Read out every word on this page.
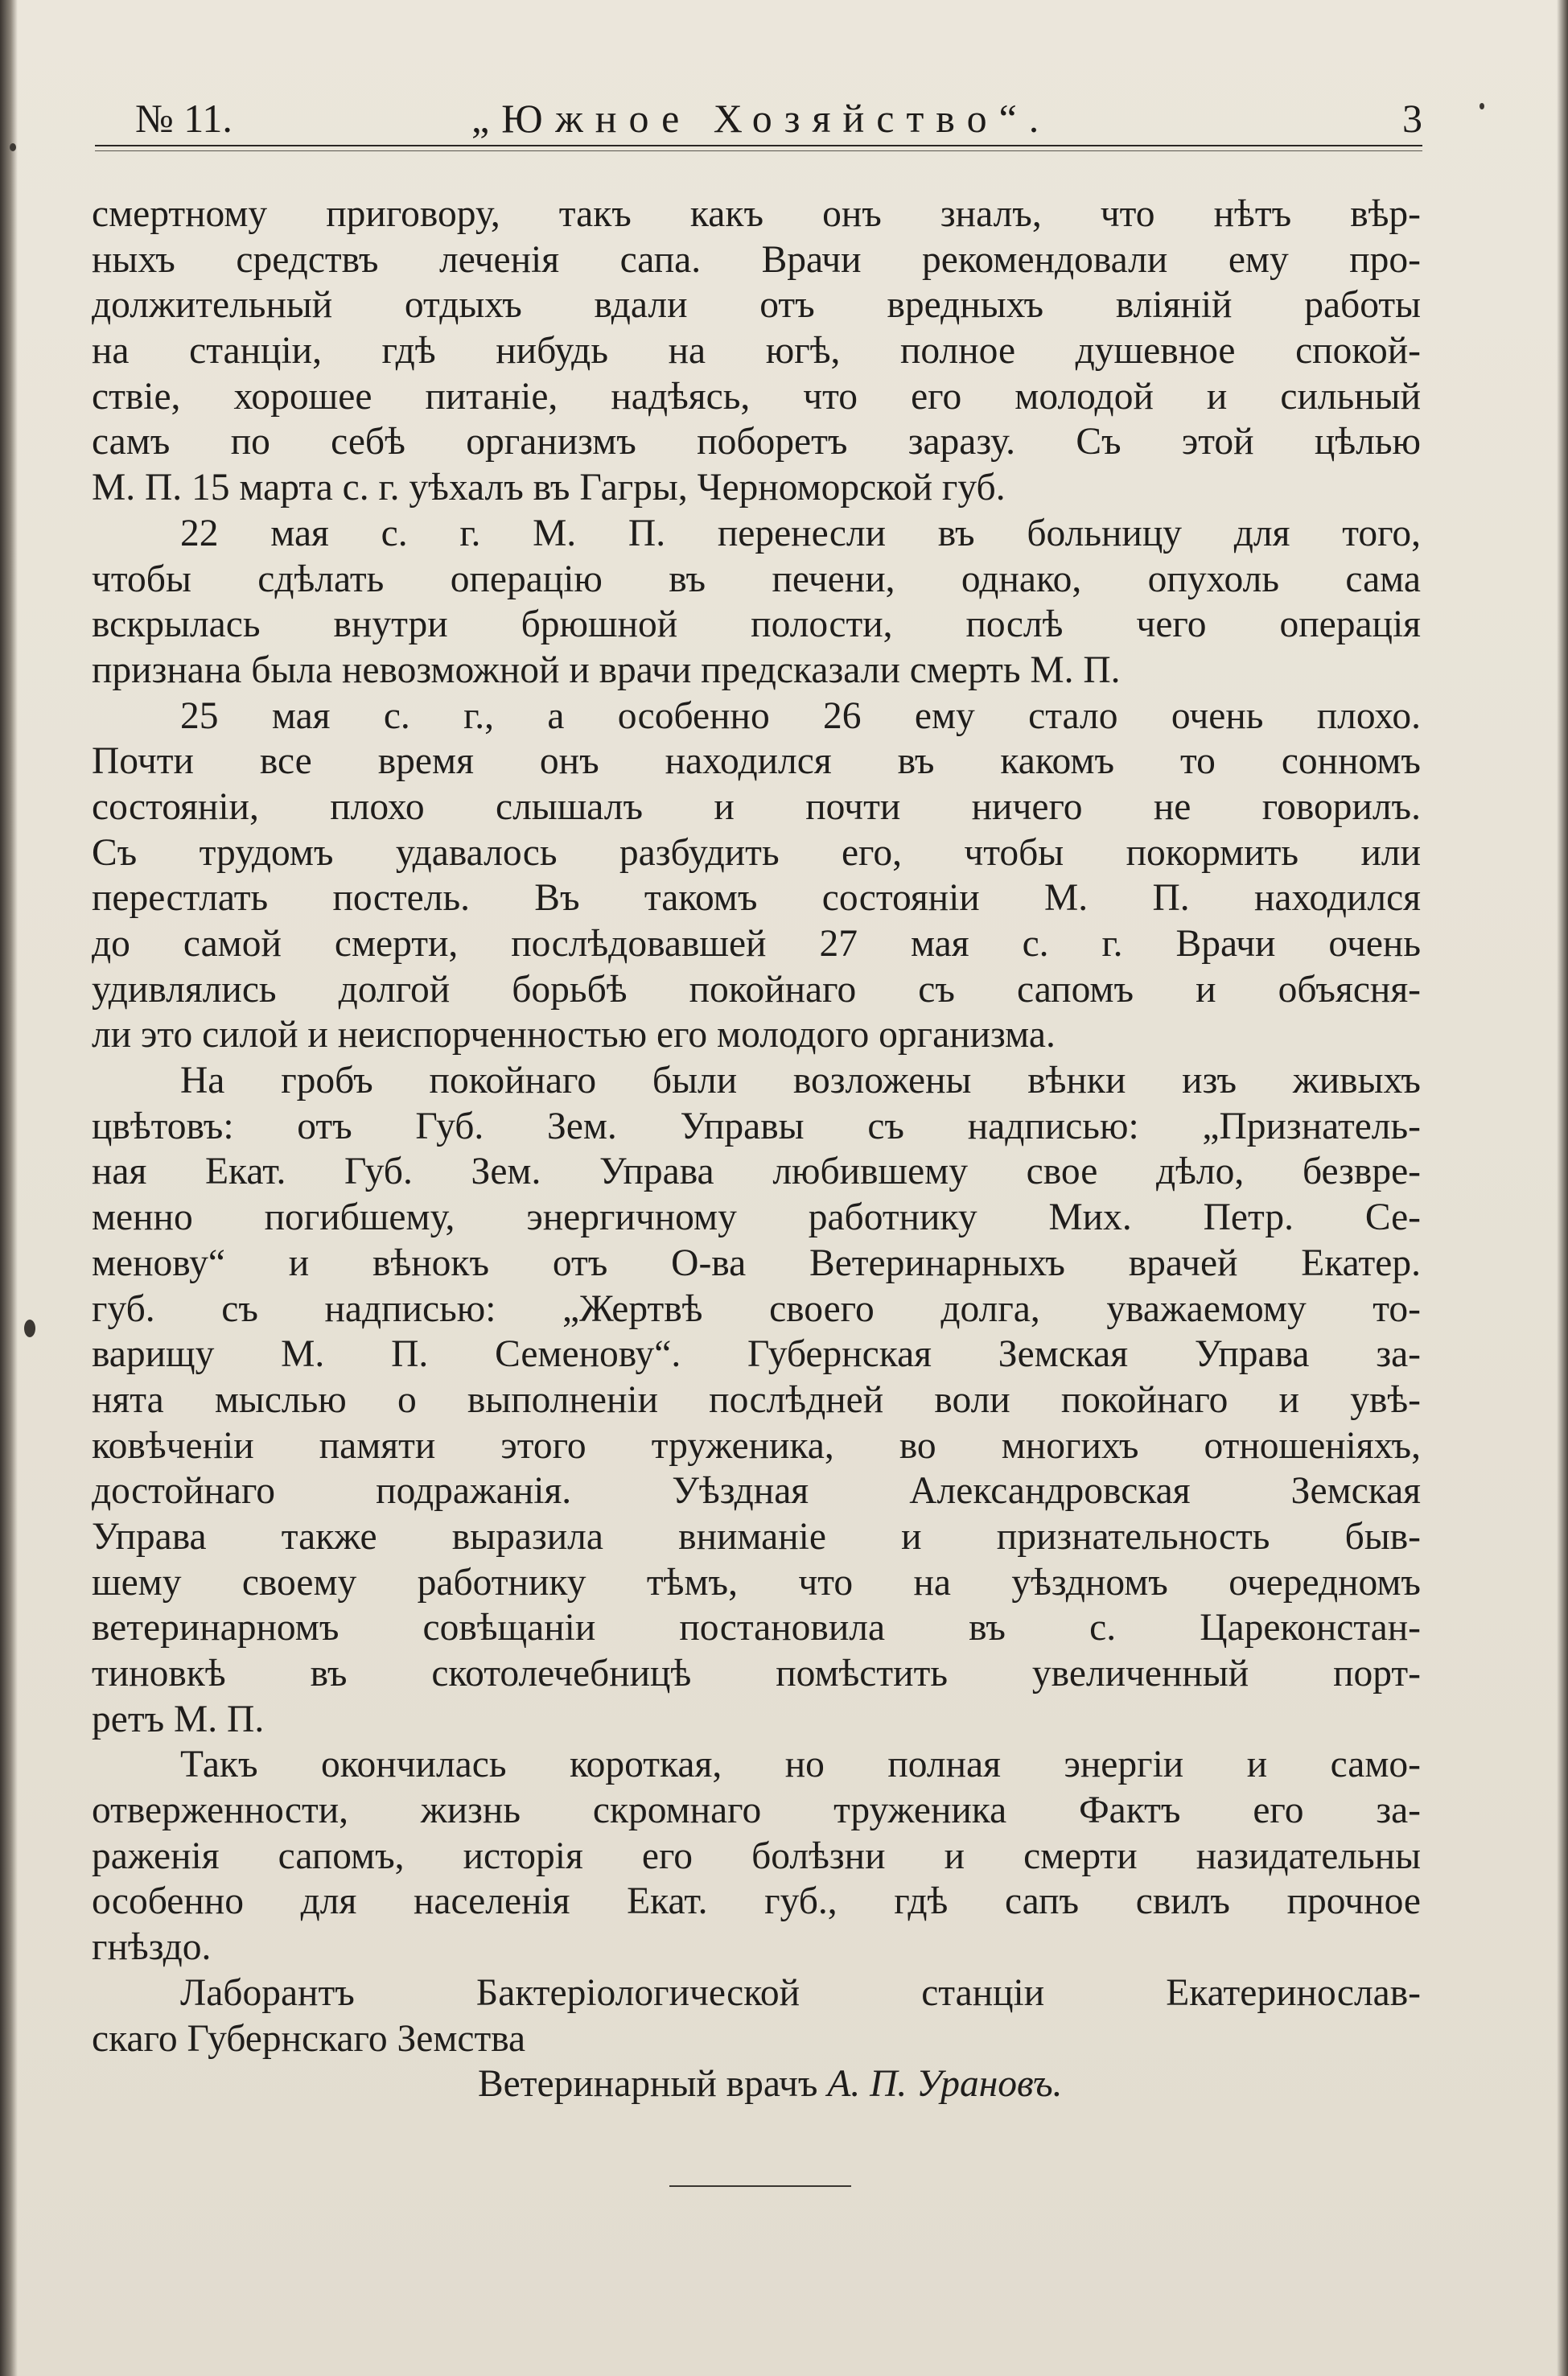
№ 11.	„Южное Хозяйство“.	3
смертному приговору, такъ какъ онъ зналъ, что нѣтъ вѣр-
ныхъ средствъ леченія сапа. Врачи рекомендовали ему про-
должительный отдыхъ вдали отъ вредныхъ вліяній работы
на станціи, гдѣ нибудь на югѣ, полное душевное спокой-
ствіе, хорошее питаніе, надѣясь, что его молодой и сильный
самъ по себѣ организмъ поборетъ заразу. Съ этой цѣлью
М. П. 15 марта с. г. уѣхалъ въ Гагры, Черноморской губ.
22 мая с. г. М. П. перенесли въ больницу для того,
чтобы сдѣлать операцію въ печени, однако, опухоль сама
вскрылась внутри брюшной полости, послѣ чего операція
признана была невозможной и врачи предсказали смерть М. П.
25 мая с. г., а особенно 26 ему стало очень плохо.
Почти все время онъ находился въ какомъ то сонномъ
состояніи, плохо слышалъ и почти ничего не говорилъ.
Съ трудомъ удавалось разбудить его, чтобы покормить или
перестлать постель. Въ такомъ состояніи М. П. находился
до самой смерти, послѣдовавшей 27 мая с. г. Врачи очень
удивлялись долгой борьбѣ покойнаго съ сапомъ и объясня-
ли это силой и неиспорченностью его молодого организма.
На гробъ покойнаго были возложены вѣнки изъ живыхъ
цвѣтовъ: отъ Губ. Зем. Управы съ надписью: „Признатель-
ная Екат. Губ. Зем. Управа любившему свое дѣло, безвре-
менно погибшему, энергичному работнику Мих. Петр. Се-
менову“ и вѣнокъ отъ О-ва Ветеринарныхъ врачей Екатер.
губ. съ надписью: „Жертвѣ своего долга, уважаемому то-
варищу М. П. Семенову“. Губернская Земская Управа за-
нята мыслью о выполненіи послѣдней воли покойнаго и увѣ-
ковѣченіи памяти этого труженика, во многихъ отношеніяхъ,
достойнаго подражанія. Уѣздная Александровская Земская
Управа также выразила вниманіе и признательность быв-
шему своему работнику тѣмъ, что на уѣздномъ очередномъ
ветеринарномъ совѣщаніи постановила въ с. Цареконстан-
тиновкѣ въ скотолечебницѣ помѣстить увеличенный порт-
ретъ М. П.
Такъ окончилась короткая, но полная энергіи и само-
отверженности, жизнь скромнаго труженика Фактъ его за-
раженія сапомъ, исторія его болѣзни и смерти назидательны
особенно для населенія Екат. губ., гдѣ сапъ свилъ прочное
гнѣздо.
Лаборантъ Бактеріологической станціи Екатеринослав-
скаго Губернскаго Земства
Ветеринарный врачъ А. П. Урановъ.
